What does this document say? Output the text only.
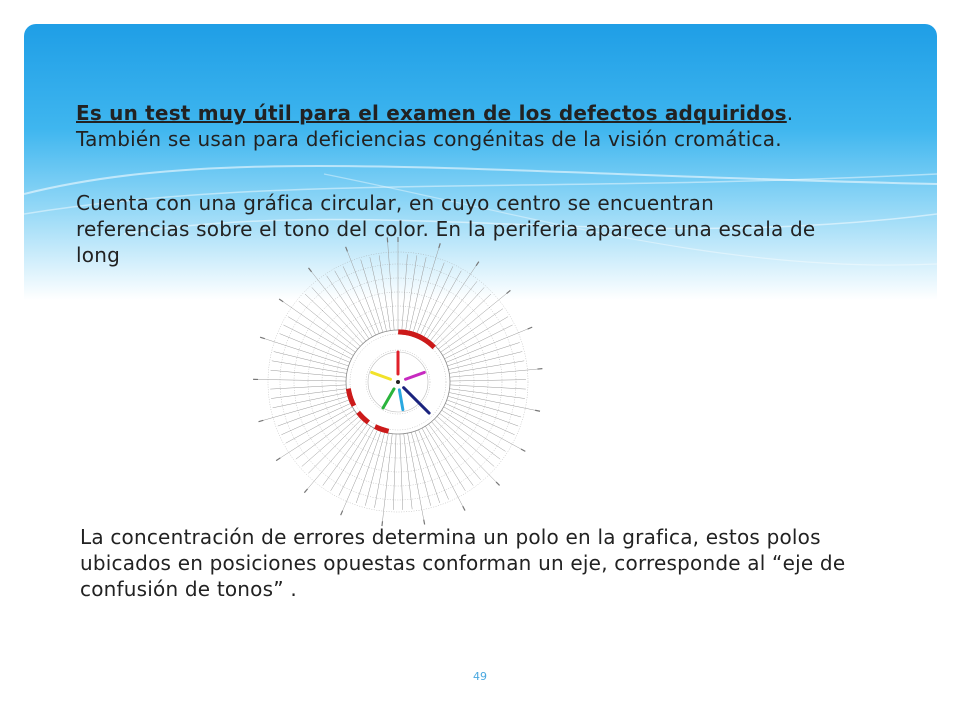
Es un test muy útil para el examen de los defectos adquiridos. También se usan para deficiencias congénitas de la visión cromática.

Cuenta con una gráfica circular, en cuyo centro se encuentran referencias sobre el tono del color. En la periferia aparece una escala de long

La concentración de errores determina un polo en la grafica, estos polos ubicados en posiciones opuestas conforman un eje, corresponde al “eje de confusión de tonos” .

49
